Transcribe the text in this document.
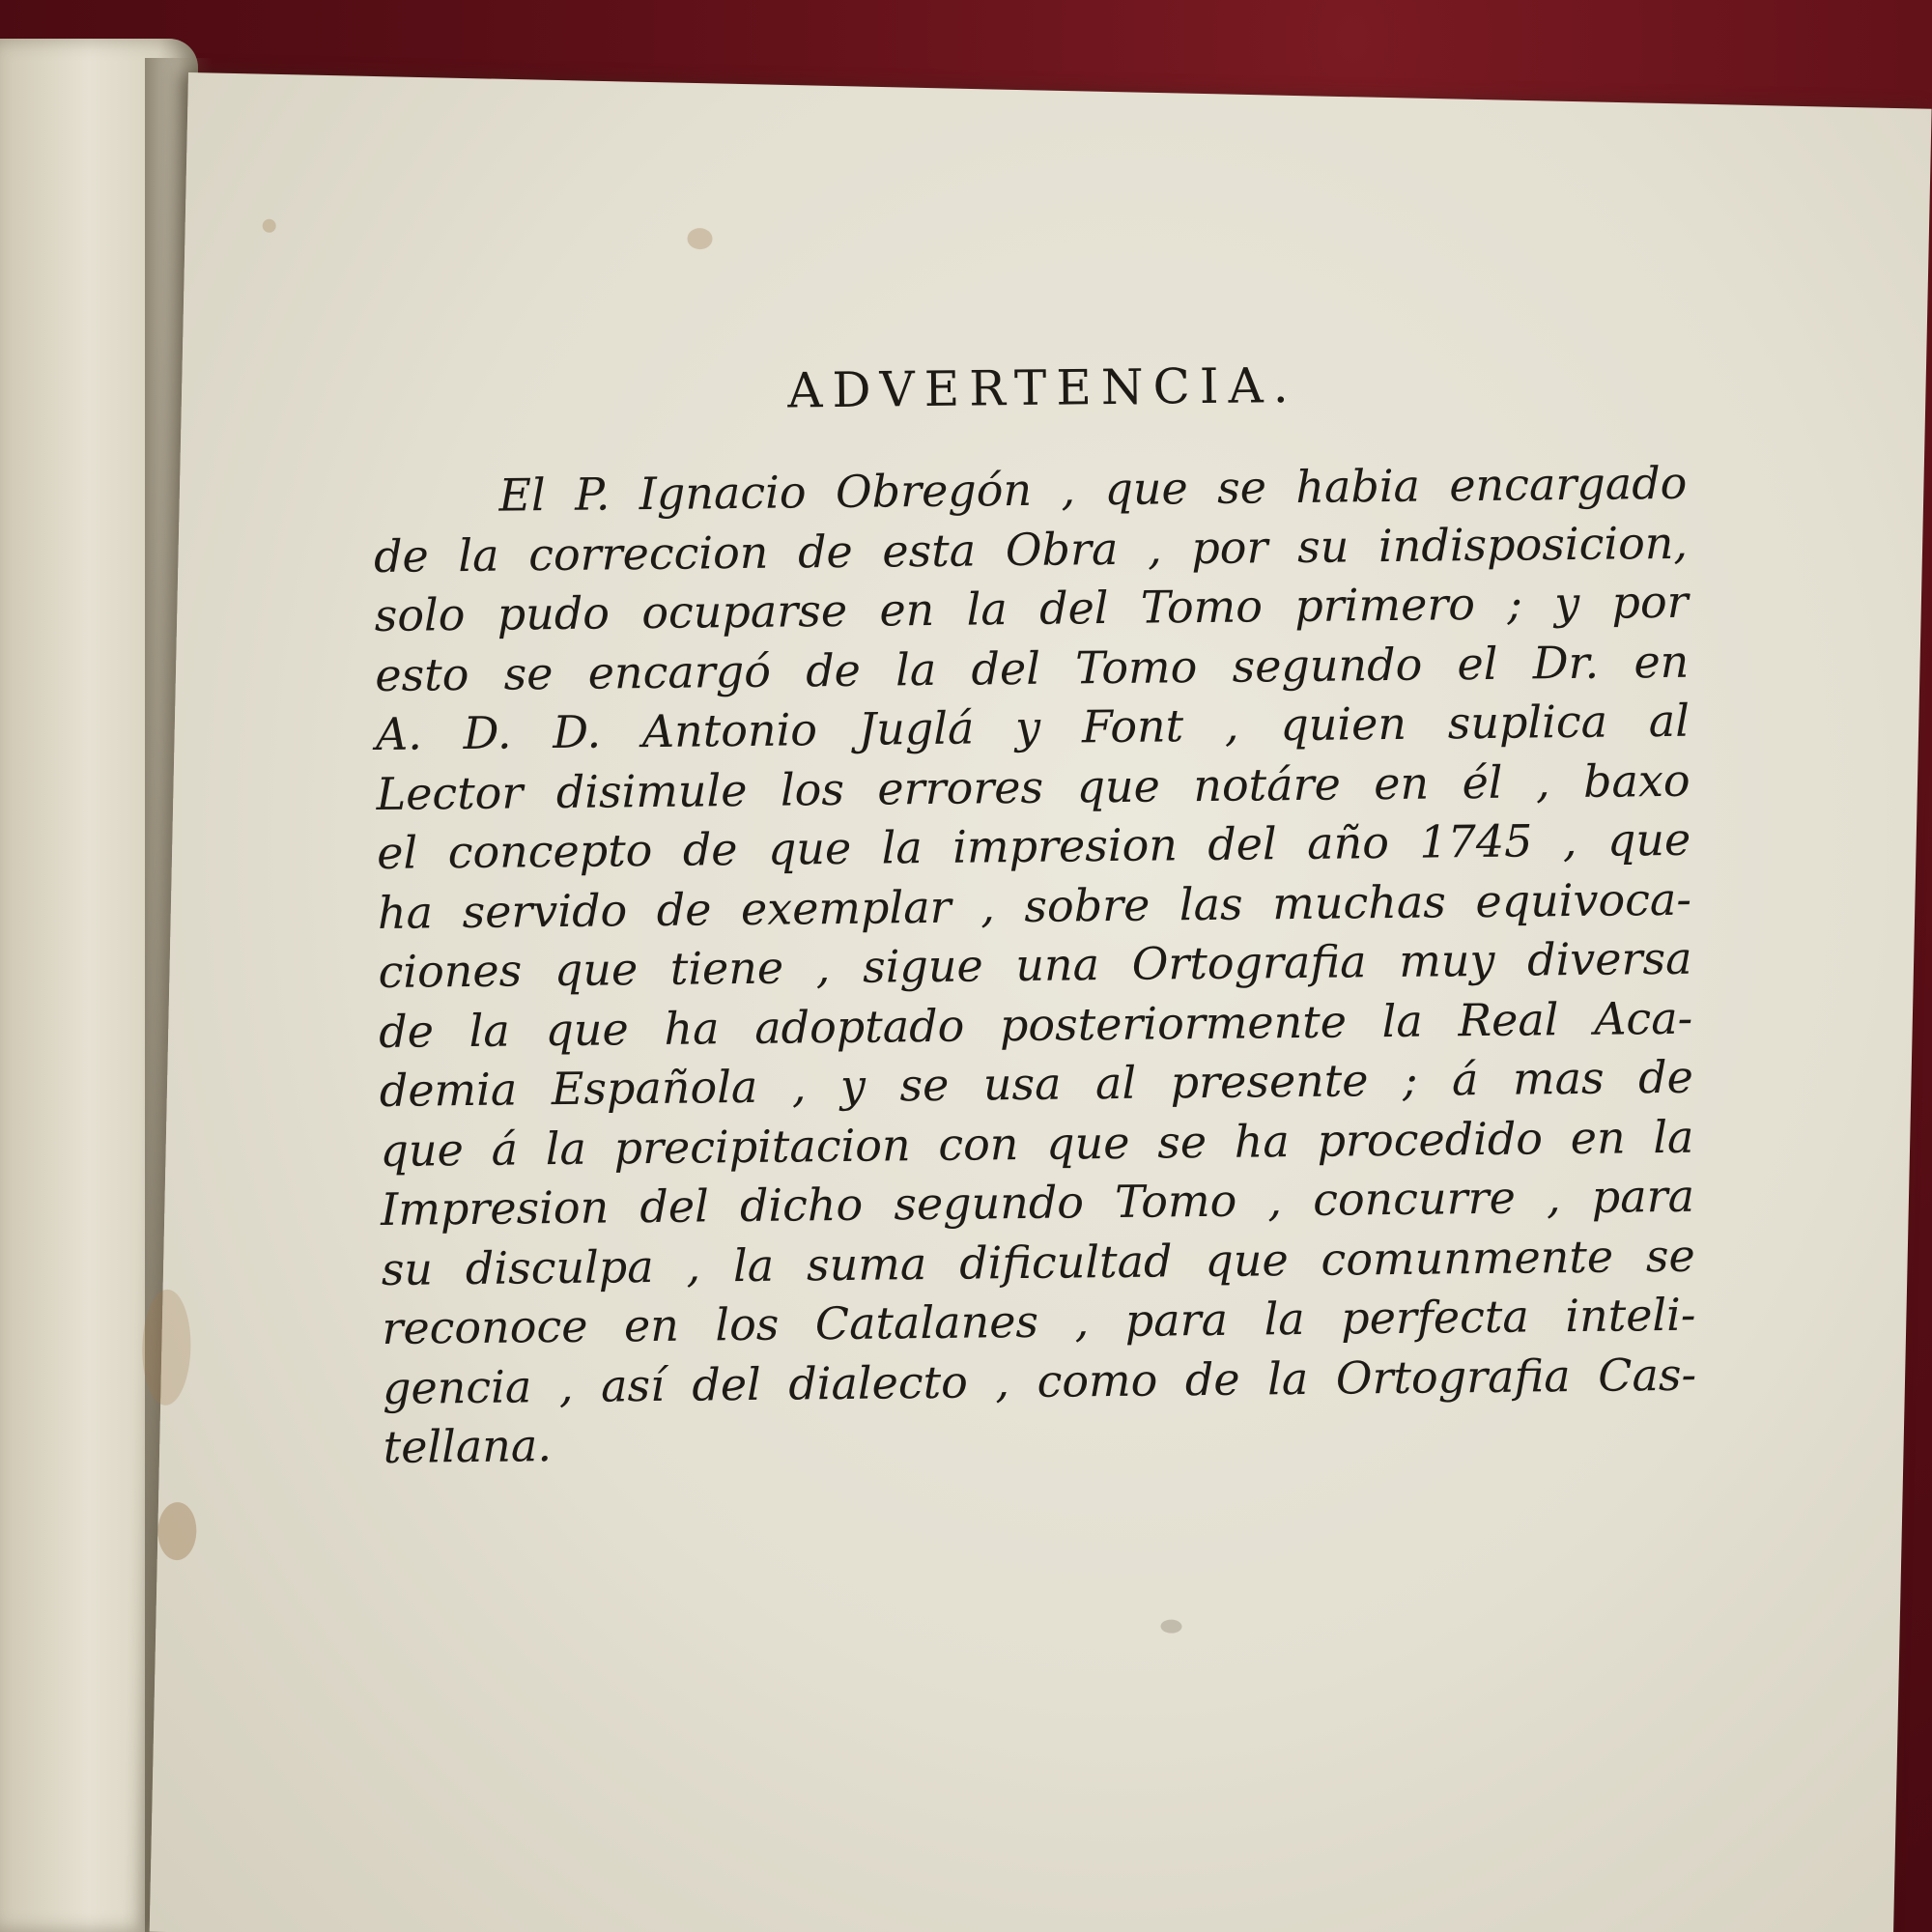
ADVERTENCIA.
El P. Ignacio Obregón , que se habia encargado
de la correccion de esta Obra , por su indisposicion,
solo pudo ocuparse en la del Tomo primero ; y por
esto se encargó de la del Tomo segundo el Dr. en
A. D. D. Antonio Juglá y Font , quien suplica al
Lector disimule los errores que notáre en él , baxo
el concepto de que la impresion del año 1745 , que
ha servido de exemplar , sobre las muchas equivoca-
ciones que tiene , sigue una Ortografia muy diversa
de la que ha adoptado posteriormente la Real Aca-
demia Española , y se usa al presente ; á mas de
que á la precipitacion con que se ha procedido en la
Impresion del dicho segundo Tomo , concurre , para
su disculpa , la suma dificultad que comunmente se
reconoce en los Catalanes , para la perfecta inteli-
gencia , así del dialecto , como de la Ortografia Cas-
tellana.
